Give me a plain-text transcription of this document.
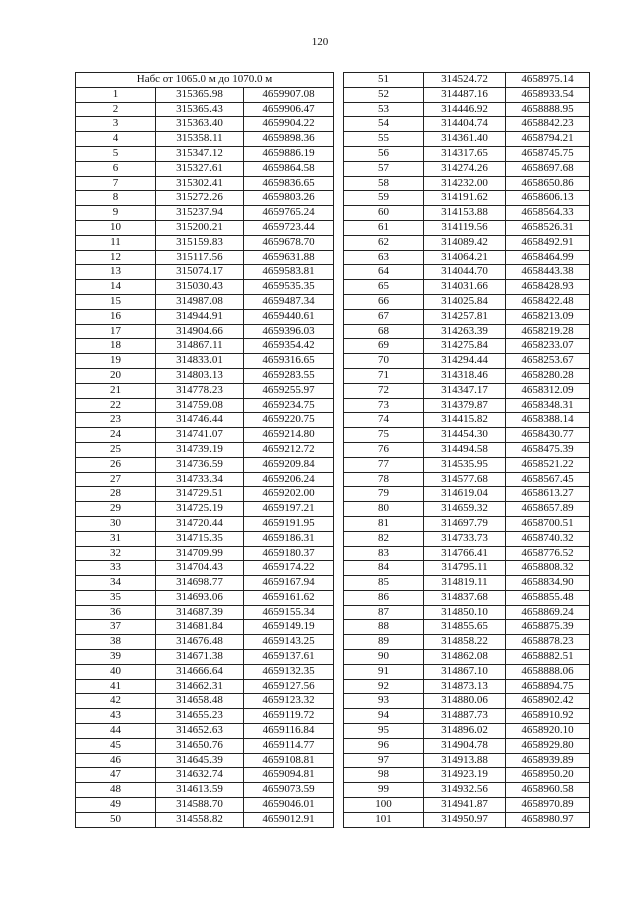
120
Набс от 1065.0 м до 1070.0 м		
1	315365.98	4659907.08
2	315365.43	4659906.47
3	315363.40	4659904.22
4	315358.11	4659898.36
5	315347.12	4659886.19
6	315327.61	4659864.58
7	315302.41	4659836.65
8	315272.26	4659803.26
9	315237.94	4659765.24
10	315200.21	4659723.44
11	315159.83	4659678.70
12	315117.56	4659631.88
13	315074.17	4659583.81
14	315030.43	4659535.35
15	314987.08	4659487.34
16	314944.91	4659440.61
17	314904.66	4659396.03
18	314867.11	4659354.42
19	314833.01	4659316.65
20	314803.13	4659283.55
21	314778.23	4659255.97
22	314759.08	4659234.75
23	314746.44	4659220.75
24	314741.07	4659214.80
25	314739.19	4659212.72
26	314736.59	4659209.84
27	314733.34	4659206.24
28	314729.51	4659202.00
29	314725.19	4659197.21
30	314720.44	4659191.95
31	314715.35	4659186.31
32	314709.99	4659180.37
33	314704.43	4659174.22
34	314698.77	4659167.94
35	314693.06	4659161.62
36	314687.39	4659155.34
37	314681.84	4659149.19
38	314676.48	4659143.25
39	314671.38	4659137.61
40	314666.64	4659132.35
41	314662.31	4659127.56
42	314658.48	4659123.32
43	314655.23	4659119.72
44	314652.63	4659116.84
45	314650.76	4659114.77
46	314645.39	4659108.81
47	314632.74	4659094.81
48	314613.59	4659073.59
49	314588.70	4659046.01
50	314558.82	4659012.91
51	314524.72	4658975.14
52	314487.16	4658933.54
53	314446.92	4658888.95
54	314404.74	4658842.23
55	314361.40	4658794.21
56	314317.65	4658745.75
57	314274.26	4658697.68
58	314232.00	4658650.86
59	314191.62	4658606.13
60	314153.88	4658564.33
61	314119.56	4658526.31
62	314089.42	4658492.91
63	314064.21	4658464.99
64	314044.70	4658443.38
65	314031.66	4658428.93
66	314025.84	4658422.48
67	314257.81	4658213.09
68	314263.39	4658219.28
69	314275.84	4658233.07
70	314294.44	4658253.67
71	314318.46	4658280.28
72	314347.17	4658312.09
73	314379.87	4658348.31
74	314415.82	4658388.14
75	314454.30	4658430.77
76	314494.58	4658475.39
77	314535.95	4658521.22
78	314577.68	4658567.45
79	314619.04	4658613.27
80	314659.32	4658657.89
81	314697.79	4658700.51
82	314733.73	4658740.32
83	314766.41	4658776.52
84	314795.11	4658808.32
85	314819.11	4658834.90
86	314837.68	4658855.48
87	314850.10	4658869.24
88	314855.65	4658875.39
89	314858.22	4658878.23
90	314862.08	4658882.51
91	314867.10	4658888.06
92	314873.13	4658894.75
93	314880.06	4658902.42
94	314887.73	4658910.92
95	314896.02	4658920.10
96	314904.78	4658929.80
97	314913.88	4658939.89
98	314923.19	4658950.20
99	314932.56	4658960.58
100	314941.87	4658970.89
101	314950.97	4658980.97
